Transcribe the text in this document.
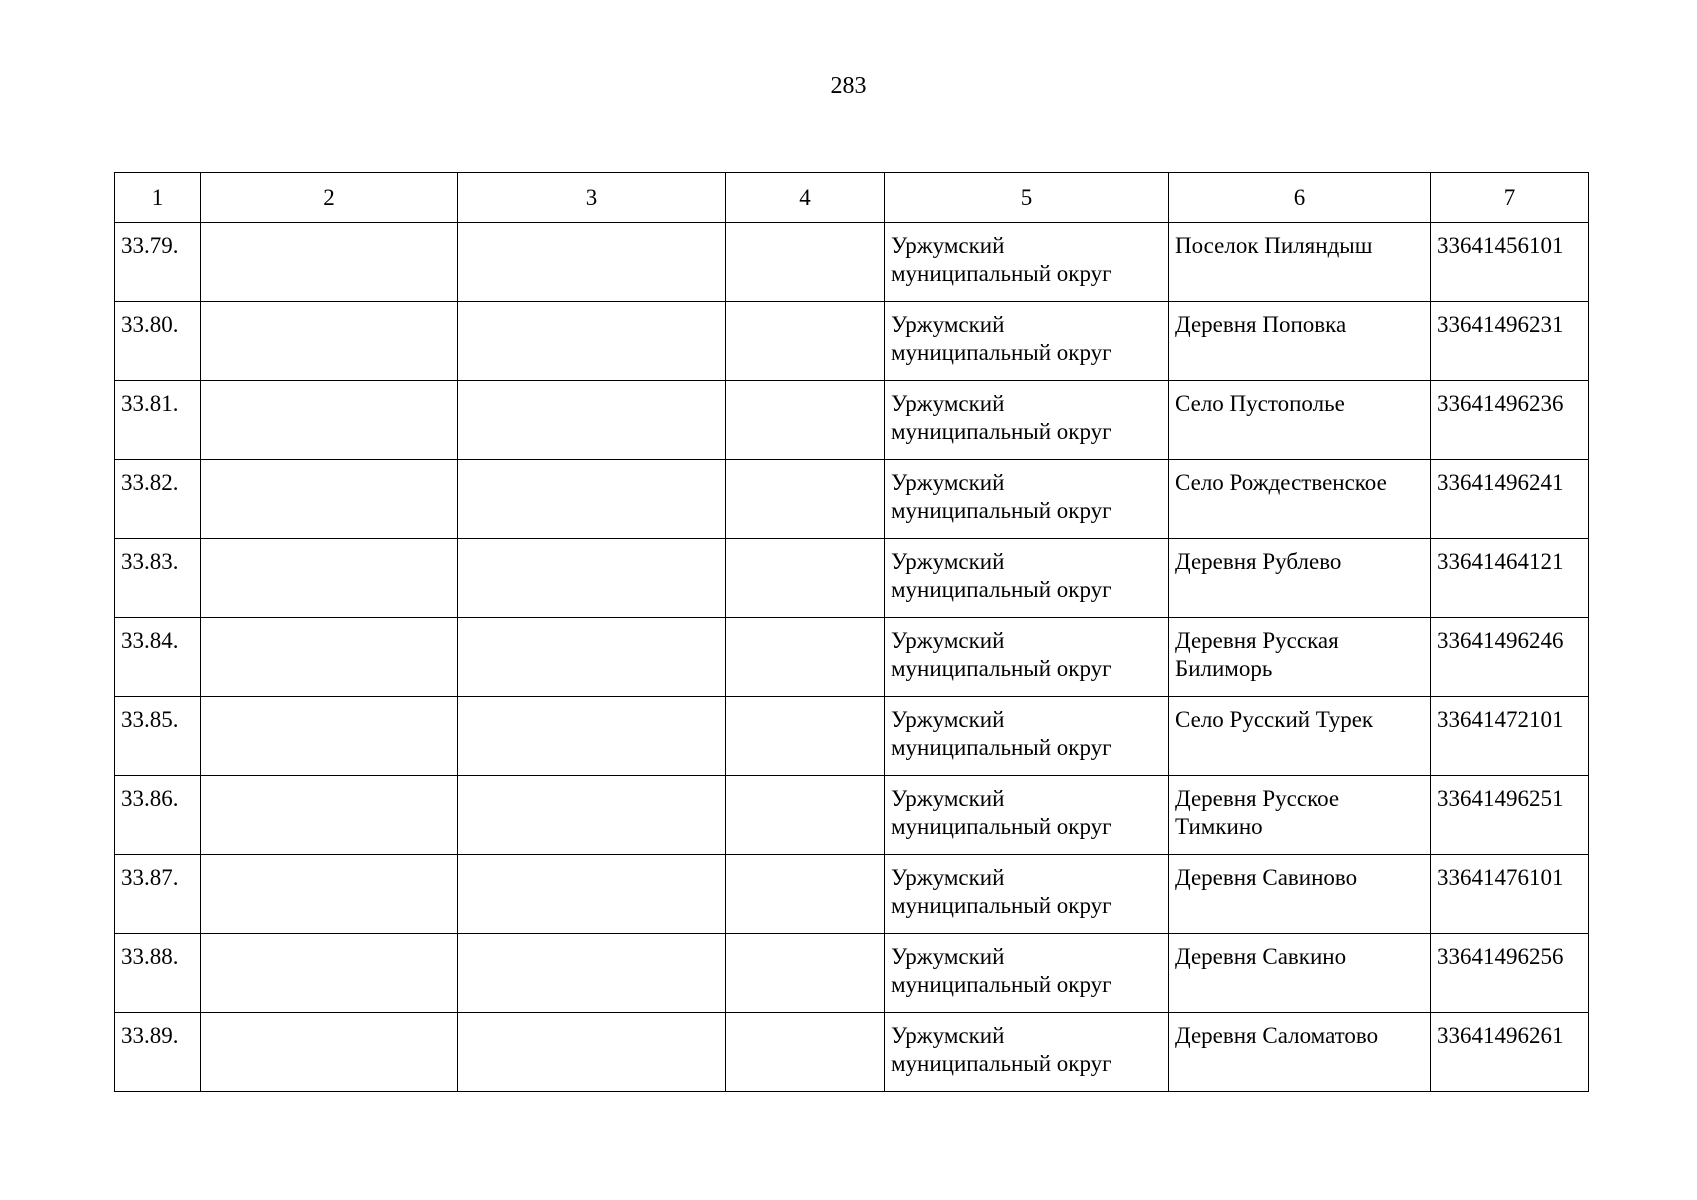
283
1	2	3	4	5	6	7
33.79.				Уржумский муниципальный округ	Поселок Пиляндыш	33641456101
33.80.				Уржумский муниципальный округ	Деревня Поповка	33641496231
33.81.				Уржумский муниципальный округ	Село Пустополье	33641496236
33.82.				Уржумский муниципальный округ	Село Рождественское	33641496241
33.83.				Уржумский муниципальный округ	Деревня Рублево	33641464121
33.84.				Уржумский муниципальный округ	Деревня Русская Билиморь	33641496246
33.85.				Уржумский муниципальный округ	Село Русский Турек	33641472101
33.86.				Уржумский муниципальный округ	Деревня Русское Тимкино	33641496251
33.87.				Уржумский муниципальный округ	Деревня Савиново	33641476101
33.88.				Уржумский муниципальный округ	Деревня Савкино	33641496256
33.89.				Уржумский муниципальный округ	Деревня Саломатово	33641496261
